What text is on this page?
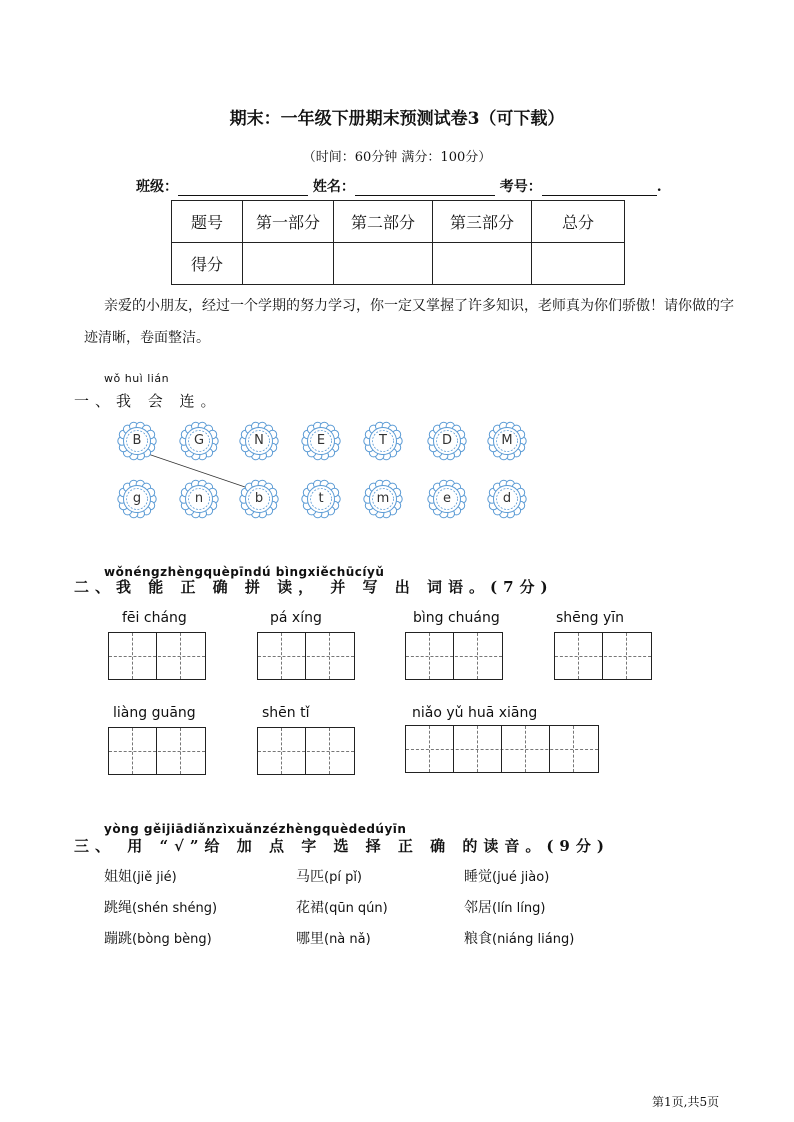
期末：一年级下册期末预测试卷3（可下载）
（时间：60分钟 满分：100分）
班级：	姓名：	考号：	.
题号	第一部分	第二部分	第三部分	总分
得分				
亲爱的小朋友，经过一个学期的努力学习，你一定又掌握了许多知识，老师真为你们骄傲！请你做的字迹清晰，卷面整洁。
wǒ huì lián
一、我 会 连。
B	G	N	E	T	D	M
g	n	b	t	m	e	d
wǒnéngzhèngquèpīndú bìngxiěchūcíyǔ
二、我 能 正 确 拼 读， 并 写 出 词语。(7分)
fēi cháng	pá xíng	bìng chuáng	shēng yīn
liàng guāng	shēn tǐ	niǎo yǔ huā xiāng
yòng gěijiādiǎnzìxuǎnzézhèngquèdedúyīn
三、 用 “√”给 加 点 字 选 择 正 确 的读音。(9分)
姐姐(jiě jié)	马匹(pí pǐ)	睡觉(jué jiào)
跳绳(shén shéng)	花裙(qūn qún)	邻居(lín líng)
蹦跳(bòng bèng)	哪里(nà nǎ)	粮食(niáng liáng)
第1页,共5页
